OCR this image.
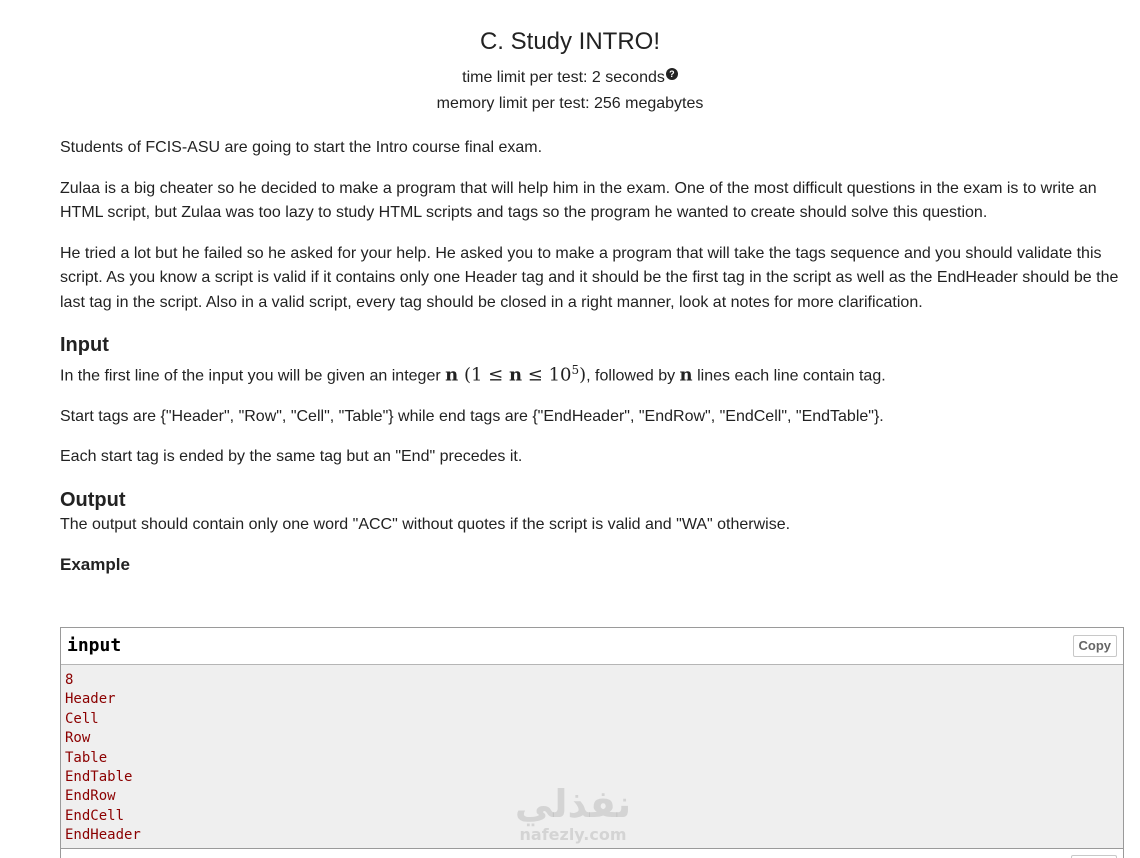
C. Study INTRO!
time limit per test: 2 seconds ?
memory limit per test: 256 megabytes

Students of FCIS-ASU are going to start the Intro course final exam.

Zulaa is a big cheater so he decided to make a program that will help him in the exam. One of the most difficult questions in the exam is to write an HTML script, but Zulaa was too lazy to study HTML scripts and tags so the program he wanted to create should solve this question.

He tried a lot but he failed so he asked for your help. He asked you to make a program that will take the tags sequence and you should validate this script. As you know a script is valid if it contains only one Header tag and it should be the first tag in the script as well as the EndHeader should be the last tag in the script. Also in a valid script, every tag should be closed in a right manner, look at notes for more clarification.

Input

In the first line of the input you will be given an integer n $(1 \le n \le 10^5)$, followed by n lines each line contain tag.

Start tags are {"Header", "Row", "Cell", "Table"} while end tags are {"EndHeader", "EndRow", "EndCell", "EndTable"}.

Each start tag is ended by the same tag but an "End" precedes it.

Output

The output should contain only one word "ACC" without quotes if the script is valid and "WA" otherwise.

Example
input	Copy
8
Header
Cell
Row
Table
EndTable
EndRow
EndCell
EndHeader
نفذلي
nafezly.com
